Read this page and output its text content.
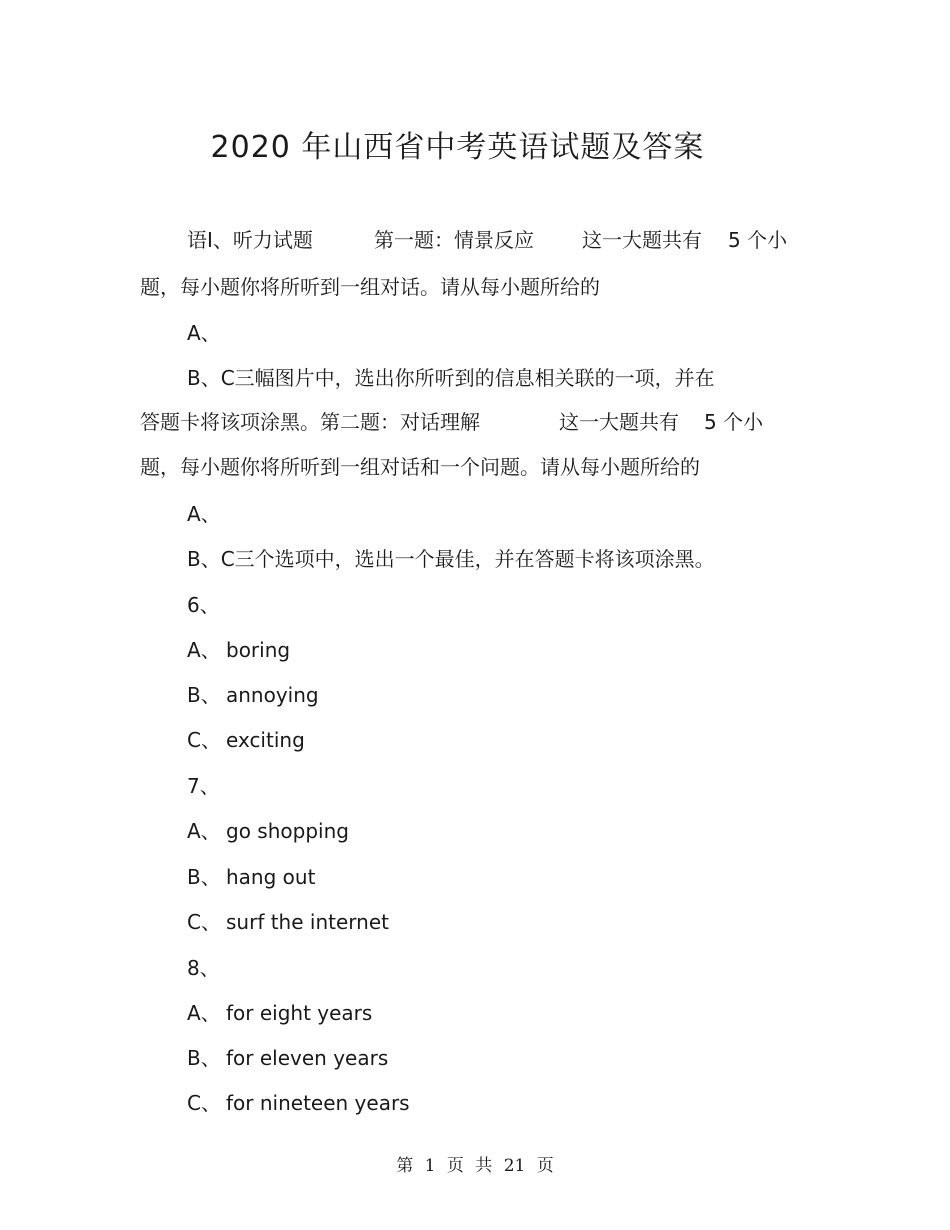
2020 年山西省中考英语试题及答案
语Ⅰ、听力试题	第一题：情景反应 这一大题共有 5 个小
题，每小题你将所听到一组对话。请从每小题所给的
A、
B、C三幅图片中，选出你所听到的信息相关联的一项，并在
答题卡将该项涂黑。第二题：对话理解	这一大题共有 5 个小
题，每小题你将所听到一组对话和一个问题。请从每小题所给的
A、
B、C三个选项中，选出一个最佳，并在答题卡将该项涂黑。
6、
A、 boring
B、 annoying
C、 exciting
7、
A、 go shopping
B、 hang out
C、 surf the internet
8、
A、 for eight years
B、 for eleven years
C、 for nineteen years
第 1 页 共 21 页
